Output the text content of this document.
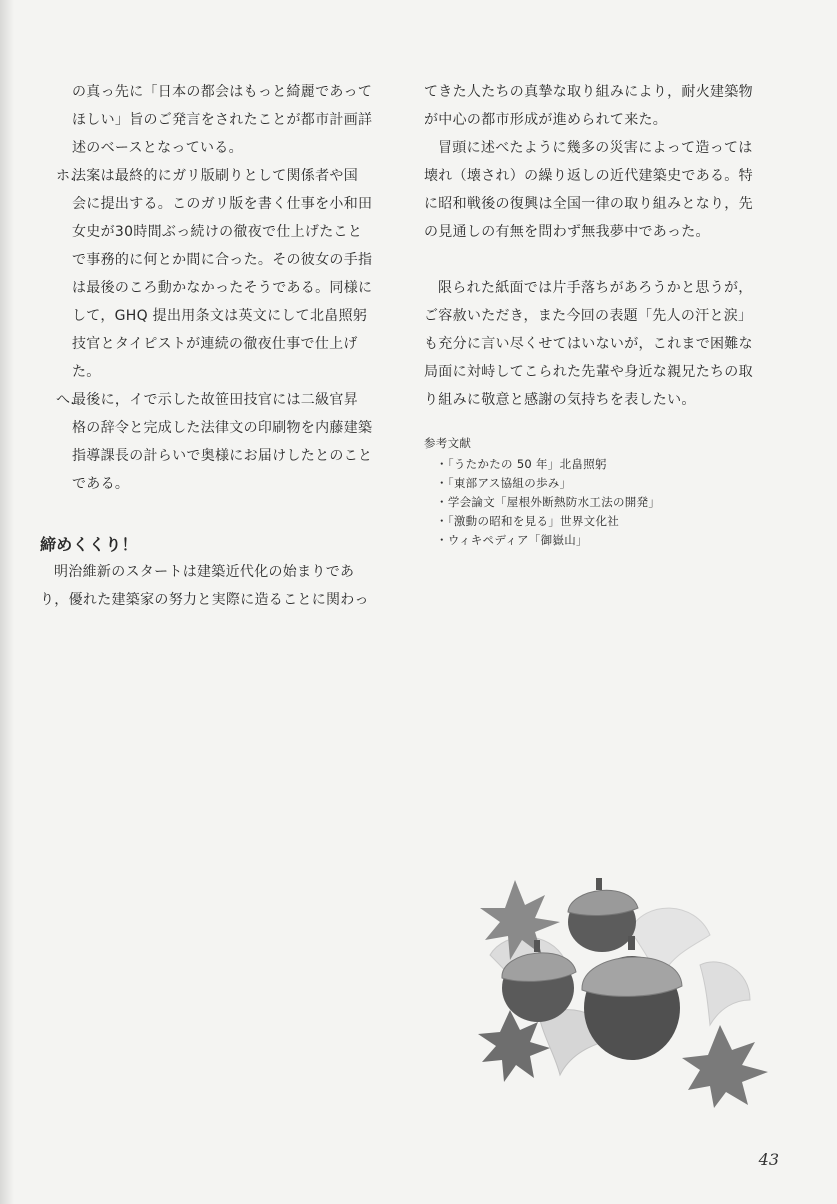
の真っ先に「日本の都会はもっと綺麗であって

ほしい」旨のご発言をされたことが都市計画詳

述のベースとなっている。

ホ.

法案は最終的にガリ版刷りとして関係者や国

会に提出する。このガリ版を書く仕事を小和田

女史が30時間ぶっ続けの徹夜で仕上げたこと

で事務的に何とか間に合った。その彼女の手指

は最後のころ動かなかったそうである。同様に

して，GHQ 提出用条文は英文にして北畠照躬

技官とタイピストが連続の徹夜仕事で仕上げ

た。

へ.

最後に，イで示した故笹田技官には二級官昇

格の辞令と完成した法律文の印刷物を内藤建築

指導課長の計らいで奥様にお届けしたとのこと

である。

締めくくり！

明治維新のスタートは建築近代化の始まりであ

り，優れた建築家の努力と実際に造ることに関わっ

てきた人たちの真摯な取り組みにより，耐火建築物

が中心の都市形成が進められて来た。

冒頭に述べたように幾多の災害によって造っては

壊れ（壊され）の繰り返しの近代建築史である。特

に昭和戦後の復興は全国一律の取り組みとなり，先

の見通しの有無を問わず無我夢中であった。

限られた紙面では片手落ちがあろうかと思うが，

ご容赦いただき，また今回の表題「先人の汗と涙」

も充分に言い尽くせてはいないが，これまで困難な

局面に対峙してこられた先輩や身近な親兄たちの取

り組みに敬意と感謝の気持ちを表したい。

参考文献

・ 「うたかたの 50 年」北畠照躬
・ 「東部アス協組の歩み」
・ 学会論文「屋根外断熱防水工法の開発」
・ 「激動の昭和を見る」世界文化社
・ ウィキペディア「御嶽山」
43
